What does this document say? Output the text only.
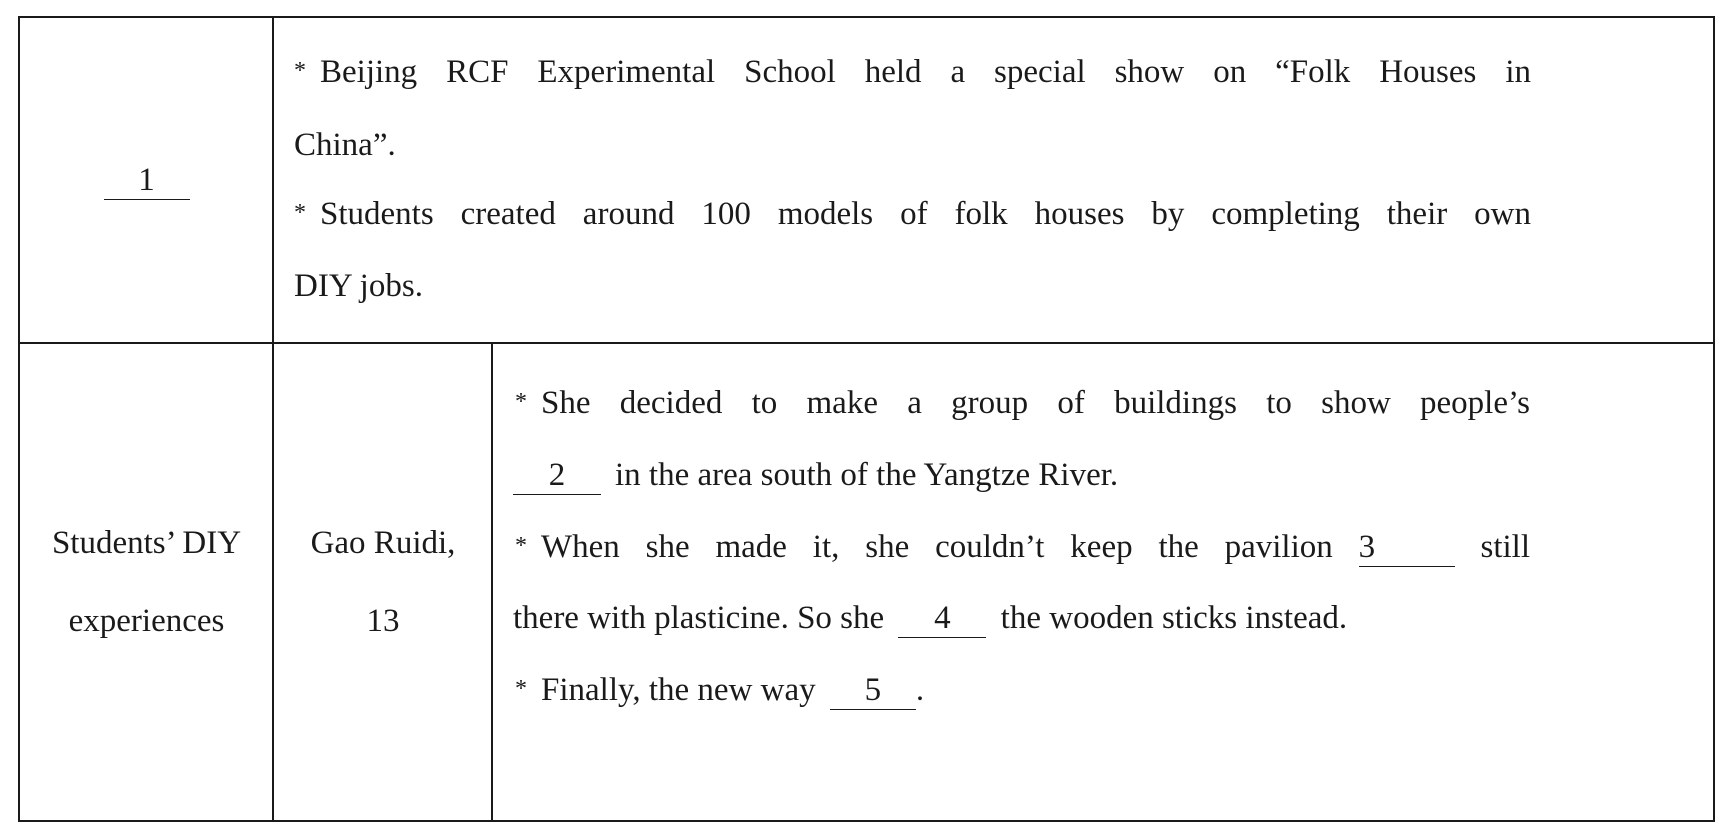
1
* Beijing RCF Experimental School held a special show on “Folk Houses in
China”.
* Students created around 100 models of folk houses by completing their own
DIY jobs.
Students’ DIY
experiences
Gao Ruidi,
13
* She decided to make a group of buildings to show people’s
2 in the area south of the Yangtze River.
* When she made it, she couldn’t keep the pavilion 3	still
there with plasticine. So she 4 the wooden sticks instead.
* Finally, the new way 5 .
